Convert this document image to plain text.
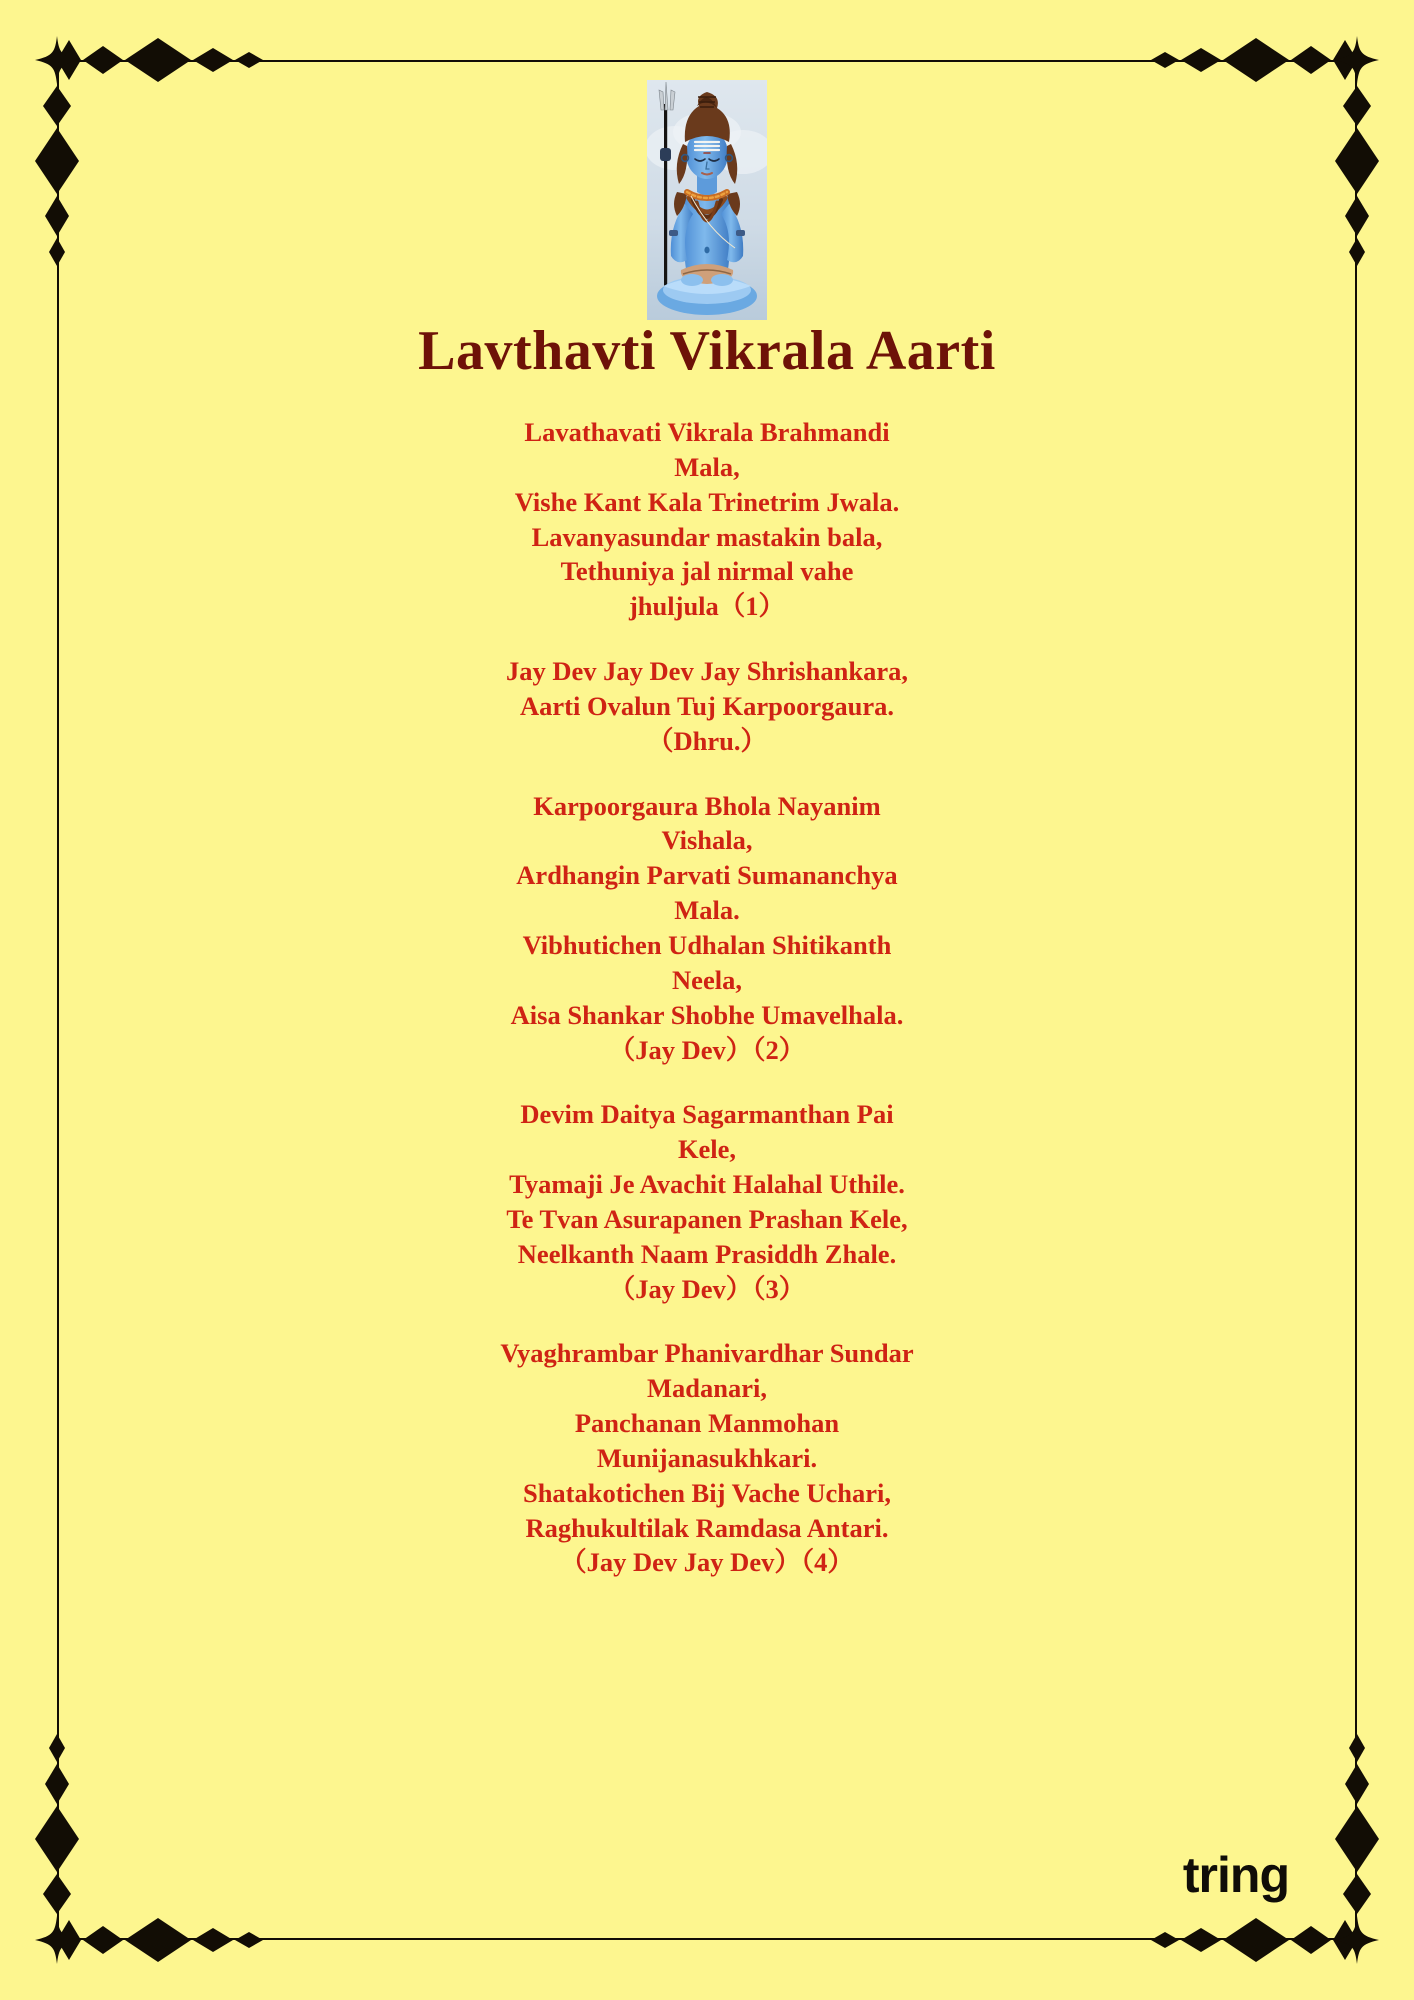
Lavthavti Vikrala Aarti
Lavathavati Vikrala Brahmandi
Mala,
Vishe Kant Kala Trinetrim Jwala.
Lavanyasundar mastakin bala,
Tethuniya jal nirmal vahe
jhuljula（1）
Jay Dev Jay Dev Jay Shrishankara,
Aarti Ovalun Tuj Karpoorgaura.
（Dhru.）
Karpoorgaura Bhola Nayanim
Vishala,
Ardhangin Parvati Sumananchya
Mala.
Vibhutichen Udhalan Shitikanth
Neela,
Aisa Shankar Shobhe Umavelhala.
（Jay Dev）（2）
Devim Daitya Sagarmanthan Pai
Kele,
Tyamaji Je Avachit Halahal Uthile.
Te Tvan Asurapanen Prashan Kele,
Neelkanth Naam Prasiddh Zhale.
（Jay Dev）（3）
Vyaghrambar Phanivardhar Sundar
Madanari,
Panchanan Manmohan
Munijanasukhkari.
Shatakotichen Bij Vache Uchari,
Raghukultilak Ramdasa Antari.
（Jay Dev Jay Dev）（4）
tring
